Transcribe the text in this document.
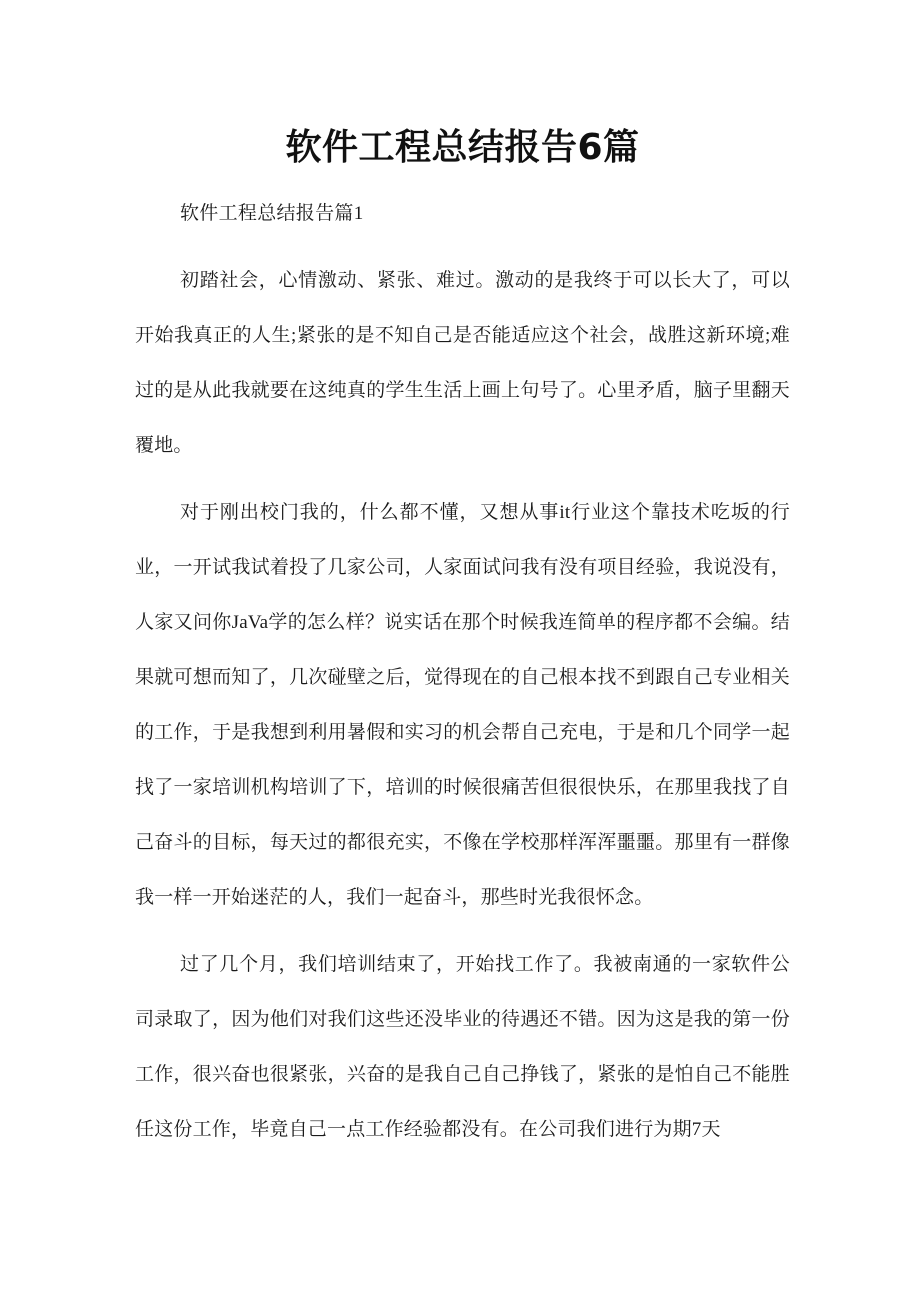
软件工程总结报告6篇

软件工程总结报告篇1

初踏社会，心情激动、紧张、难过。激动的是我终于可以长大了，可以开始我真正的人生;紧张的是不知自己是否能适应这个社会，战胜这新环境;难过的是从此我就要在这纯真的学生生活上画上句号了。心里矛盾，脑子里翻天覆地。

对于刚出校门我的，什么都不懂，又想从事it行业这个靠技术吃坂的行业，一开试我试着投了几家公司，人家面试问我有没有项目经验，我说没有，人家又问你JaVa学的怎么样？说实话在那个时候我连简单的程序都不会编。结果就可想而知了，几次碰壁之后，觉得现在的自己根本找不到跟自己专业相关的工作，于是我想到利用暑假和实习的机会帮自己充电，于是和几个同学一起找了一家培训机构培训了下，培训的时候很痛苦但很很快乐，在那里我找了自己奋斗的目标，每天过的都很充实，不像在学校那样浑浑噩噩。那里有一群像我一样一开始迷茫的人，我们一起奋斗，那些时光我很怀念。

过了几个月，我们培训结束了，开始找工作了。我被南通的一家软件公司录取了，因为他们对我们这些还没毕业的待遇还不错。因为这是我的第一份工作，很兴奋也很紧张，兴奋的是我自己自己挣钱了，紧张的是怕自己不能胜任这份工作，毕竟自己一点工作经验都没有。在公司我们进行为期7天
